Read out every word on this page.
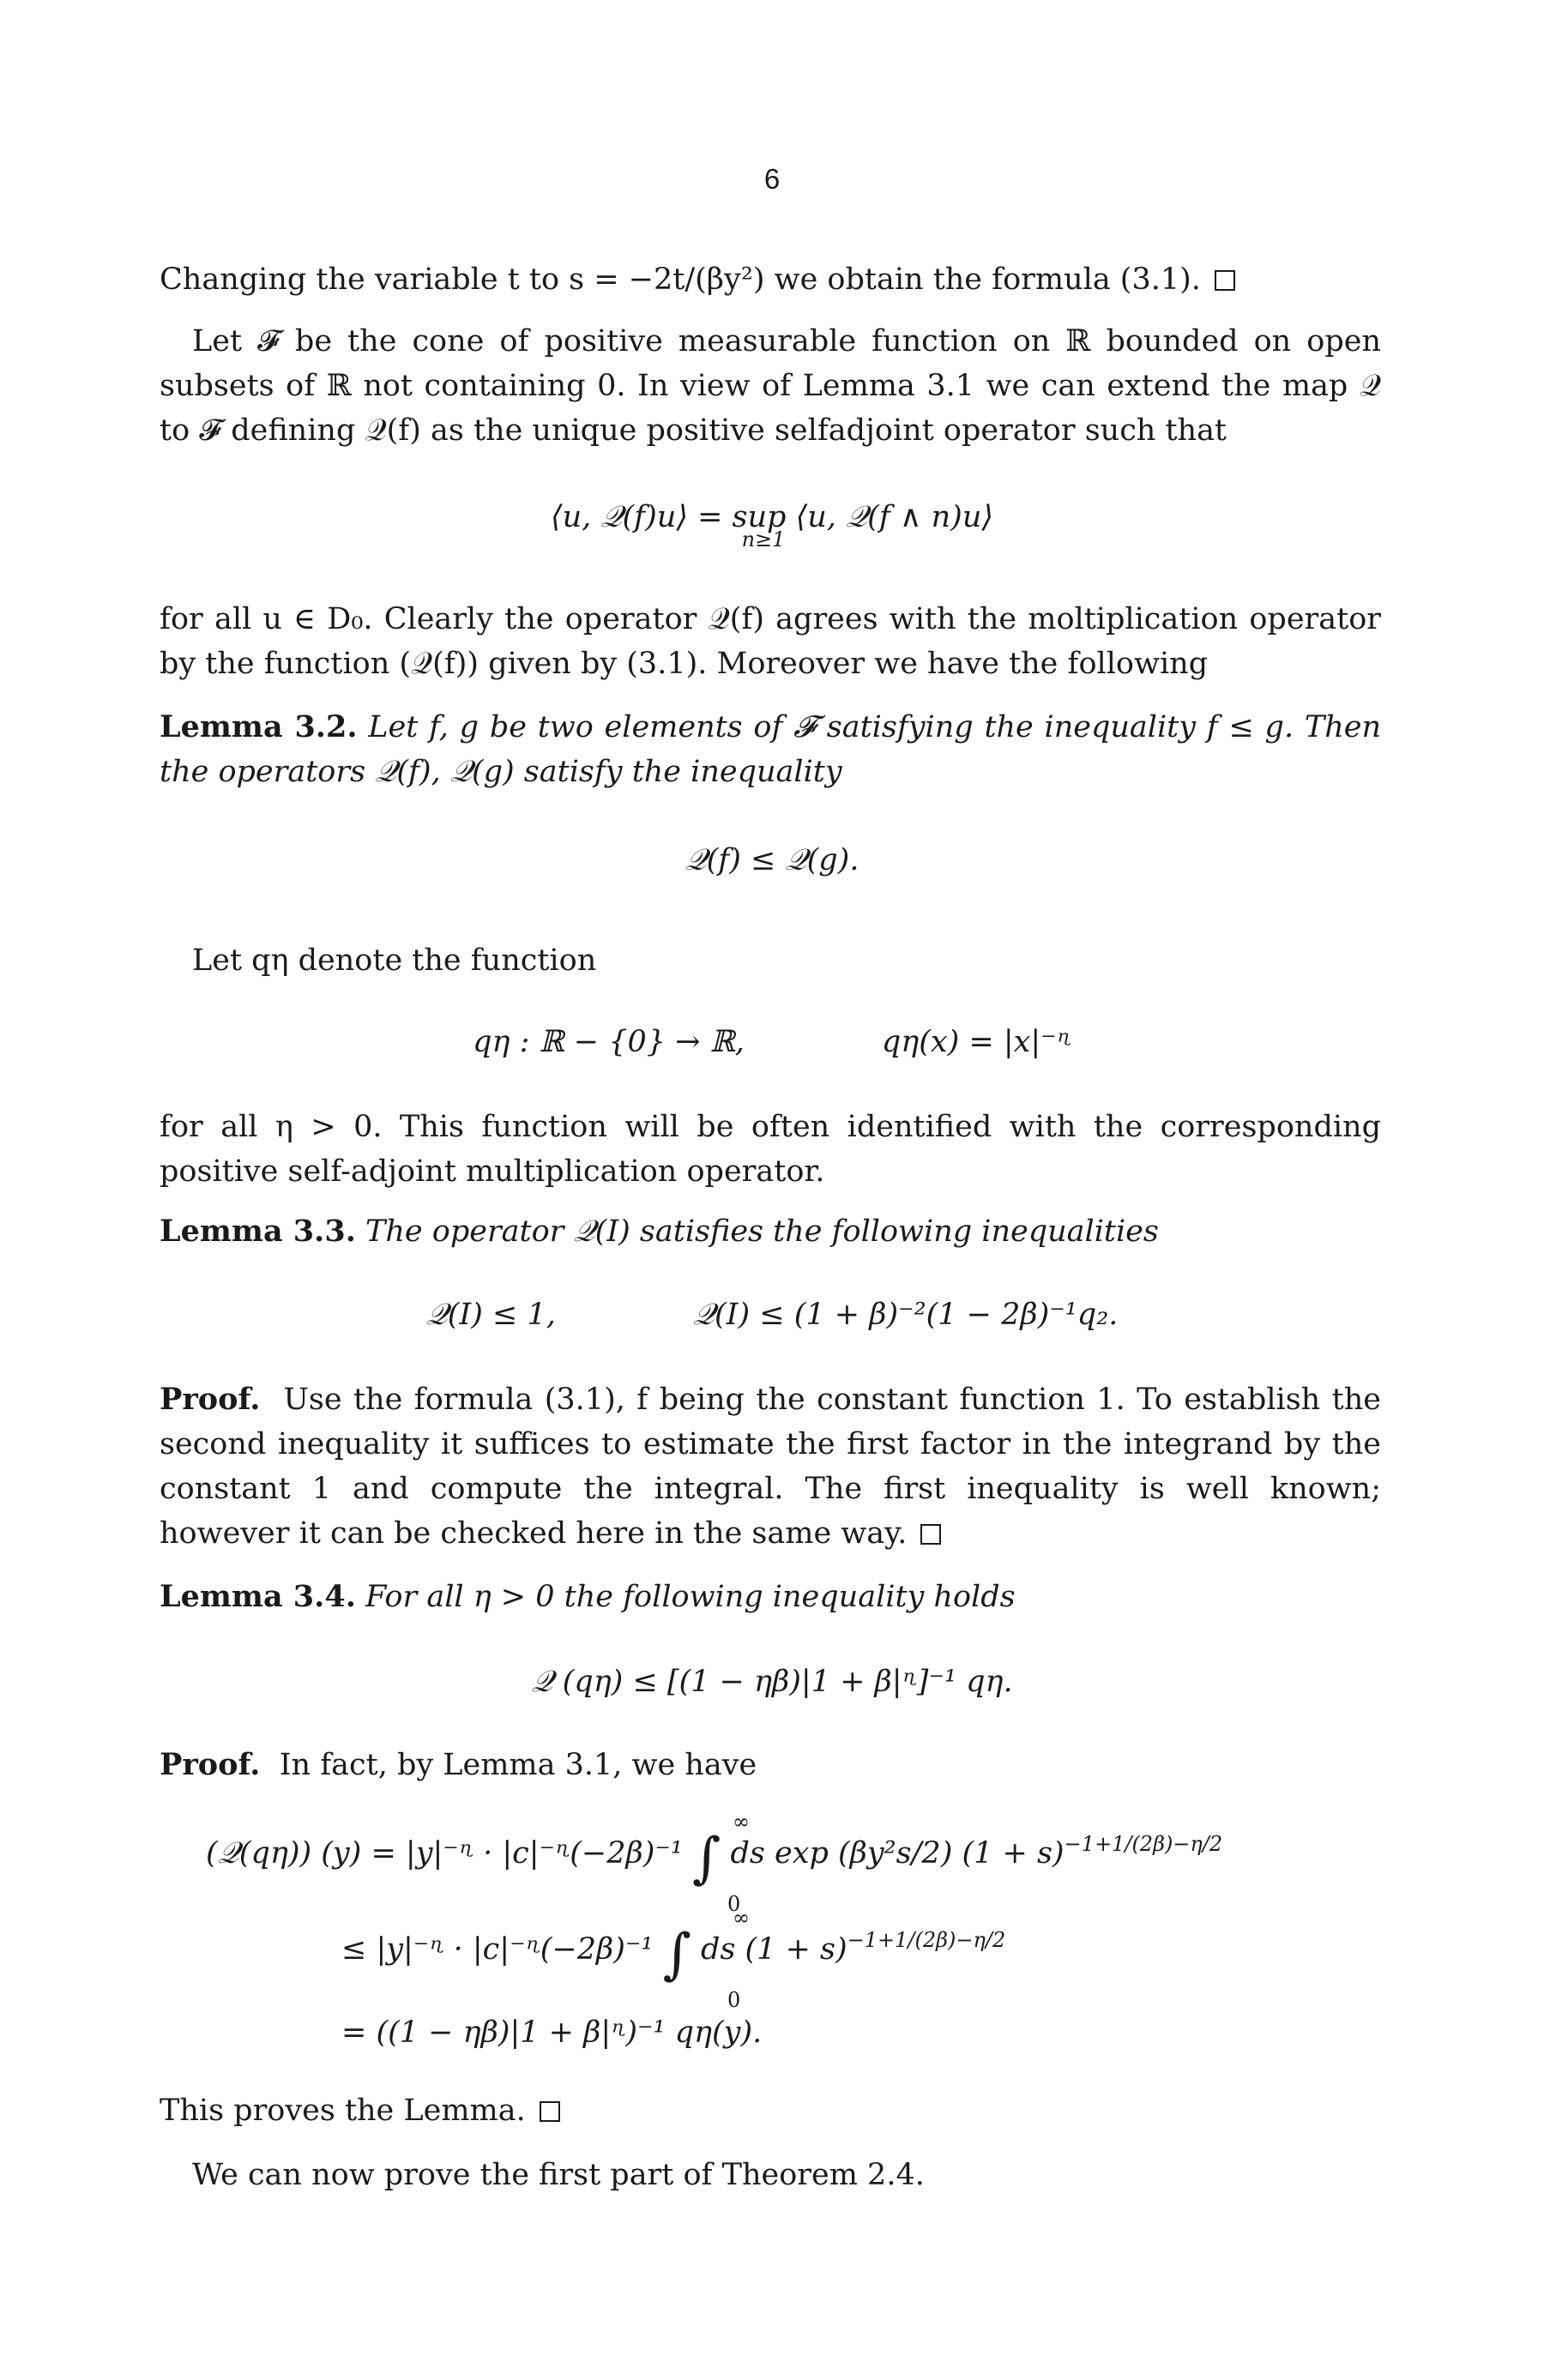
6

Changing the variable t to s = −2t/(βy²) we obtain the formula (3.1).

Let 𝓕 be the cone of positive measurable function on ℝ bounded on open subsets of ℝ not containing 0. In view of Lemma 3.1 we can extend the map 𝒬 to 𝓕 defining 𝒬(f) as the unique positive selfadjoint operator such that

⟨u, 𝒬(f)u⟩ = sup ⟨u, 𝒬(f ∧ n)u⟩
n≥1

for all u ∈ D₀. Clearly the operator 𝒬(f) agrees with the moltiplication operator by the function (𝒬(f)) given by (3.1). Moreover we have the following

Lemma 3.2. Let f, g be two elements of 𝓕 satisfying the inequality f ≤ g. Then the operators 𝒬(f), 𝒬(g) satisfy the inequality

𝒬(f) ≤ 𝒬(g).

Let qη denote the function

qη : ℝ − {0} → ℝ,	qη(x) = |x|⁻ᶯ

for all η > 0. This function will be often identified with the corresponding positive self-adjoint multiplication operator.

Lemma 3.3. The operator 𝒬(I) satisfies the following inequalities

𝒬(I) ≤ 1,	𝒬(I) ≤ (1 + β)⁻²(1 − 2β)⁻¹q₂.

Proof. Use the formula (3.1), f being the constant function 1. To establish the second inequality it suffices to estimate the first factor in the integrand by the constant 1 and compute the integral. The first inequality is well known; however it can be checked here in the same way.

Lemma 3.4. For all η > 0 the following inequality holds

𝒬 (qη) ≤ [(1 − ηβ)|1 + β|ᶯ]⁻¹ qη.

Proof. In fact, by Lemma 3.1, we have

(𝒬(qη)) (y) = |y|⁻ᶯ · |c|⁻ᶯ(−2β)⁻¹ ∫ ds exp (βy²s/2) $(1 + s)^{-1+1/(2\beta)-\eta/2}$
∞
0
≤ |y|⁻ᶯ · |c|⁻ᶯ(−2β)⁻¹ ∫ ds $(1 + s)^{-1+1/(2\beta)-\eta/2}$
∞
0
= ((1 − ηβ)|1 + β|ᶯ)⁻¹ qη(y).

This proves the Lemma.

We can now prove the first part of Theorem 2.4.
